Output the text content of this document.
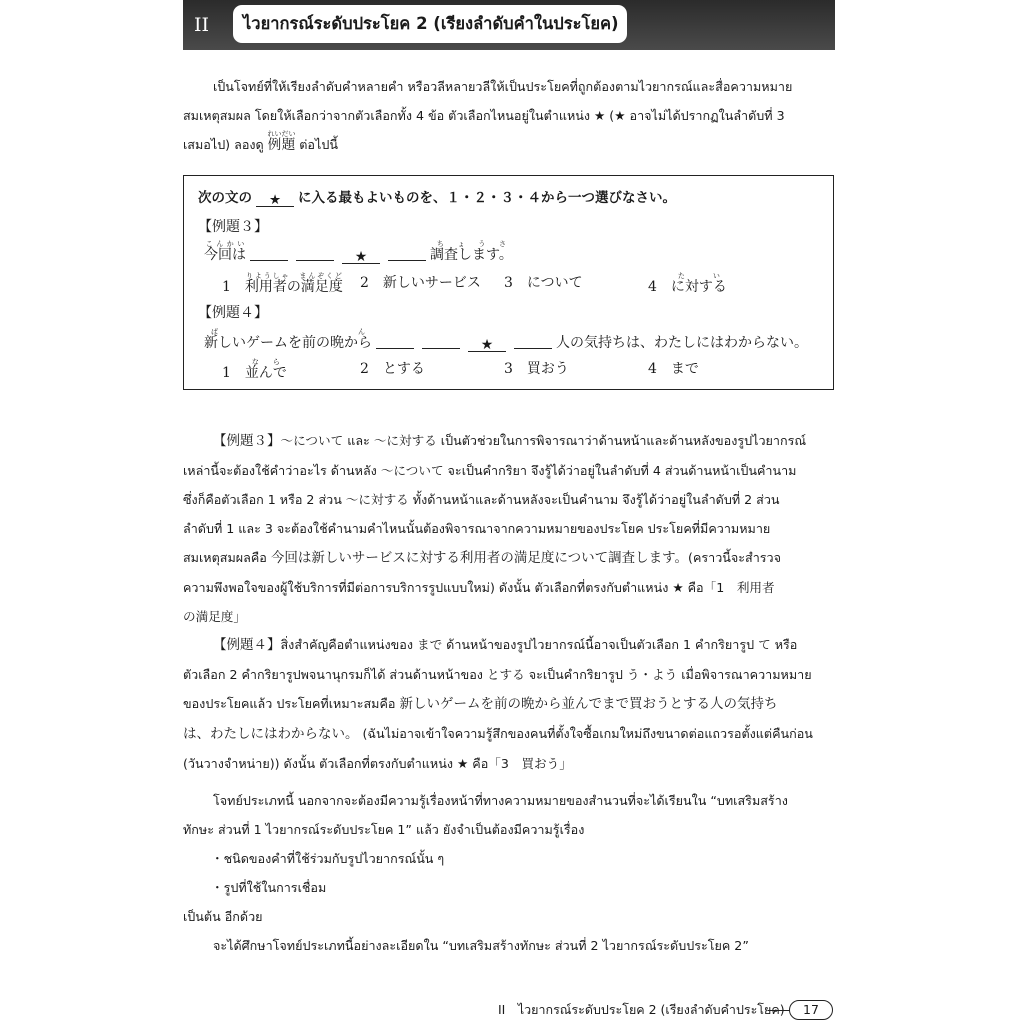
II	ไวยากรณ์ระดับประโยค 2 (เรียงลำดับคำในประโยค)

เป็นโจทย์ที่ให้เรียงลำดับคำหลายคำ หรือวลีหลายวลีให้เป็นประโยคที่ถูกต้องตามไวยากรณ์และสื่อความหมาย

สมเหตุสมผล โดยให้เลือกว่าจากตัวเลือกทั้ง 4 ข้อ ตัวเลือกไหนอยู่ในตำแหน่ง ★ (★ อาจไม่ได้ปรากฏในลำดับที่ 3

เสมอไป) ลองดู 例題れいだい ต่อไปนี้

次の文の ★ に入る最もよいものを、１・２・３・４から一つ選びなさい。
【例題３】
今回はこんかい★	調査します。ちょうさ
1　 利用者の満足度りようしゃ　まんぞくど 2　 新しいサービス 3　 について	4　 に対するたい
【例題４】
新しいゲームを前の晩からばん★	人の気持ちは、わたしにはわからない。
1　 並んでなら	2　 とする	3　 買おう	4　 まで

【例題３】〜について และ 〜に対する เป็นตัวช่วยในการพิจารณาว่าด้านหน้าและด้านหลังของรูปไวยากรณ์

เหล่านี้จะต้องใช้คำว่าอะไร ด้านหลัง 〜について จะเป็นคำกริยา จึงรู้ได้ว่าอยู่ในลำดับที่ 4 ส่วนด้านหน้าเป็นคำนาม

ซึ่งก็คือตัวเลือก 1 หรือ 2 ส่วน 〜に対する ทั้งด้านหน้าและด้านหลังจะเป็นคำนาม จึงรู้ได้ว่าอยู่ในลำดับที่ 2 ส่วน

ลำดับที่ 1 และ 3 จะต้องใช้คำนามคำไหนนั้นต้องพิจารณาจากความหมายของประโยค ประโยคที่มีความหมาย

สมเหตุสมผลคือ 今回は新しいサービスに対する利用者の満足度について調査します。(คราวนี้จะสำรวจ

ความพึงพอใจของผู้ใช้บริการที่มีต่อการบริการรูปแบบใหม่) ดังนั้น ตัวเลือกที่ตรงกับตำแหน่ง ★ คือ「1　利用者

の満足度」

【例題４】สิ่งสำคัญคือตำแหน่งของ まで ด้านหน้าของรูปไวยากรณ์นี้อาจเป็นตัวเลือก 1 คำกริยารูป て หรือ

ตัวเลือก 2 คำกริยารูปพจนานุกรมก็ได้ ส่วนด้านหน้าของ とする จะเป็นคำกริยารูป う・よう เมื่อพิจารณาความหมาย

ของประโยคแล้ว ประโยคที่เหมาะสมคือ 新しいゲームを前の晩から並んでまで買おうとする人の気持ち

は、わたしにはわからない。 (ฉันไม่อาจเข้าใจความรู้สึกของคนที่ตั้งใจซื้อเกมใหม่ถึงขนาดต่อแถวรอตั้งแต่คืนก่อน

(วันวางจำหน่าย)) ดังนั้น ตัวเลือกที่ตรงกับตำแหน่ง ★ คือ「3　買おう」

โจทย์ประเภทนี้ นอกจากจะต้องมีความรู้เรื่องหน้าที่ทางความหมายของสำนวนที่จะได้เรียนใน “บทเสริมสร้าง

ทักษะ ส่วนที่ 1 ไวยากรณ์ระดับประโยค 1” แล้ว ยังจำเป็นต้องมีความรู้เรื่อง

・ชนิดของคำที่ใช้ร่วมกับรูปไวยากรณ์นั้น ๆ

・รูปที่ใช้ในการเชื่อม

เป็นต้น อีกด้วย

จะได้ศึกษาโจทย์ประเภทนี้อย่างละเอียดใน “บทเสริมสร้างทักษะ ส่วนที่ 2 ไวยากรณ์ระดับประโยค 2”

II　ไวยากรณ์ระดับประโยค 2 (เรียงลำดับคำประโยค)	17
